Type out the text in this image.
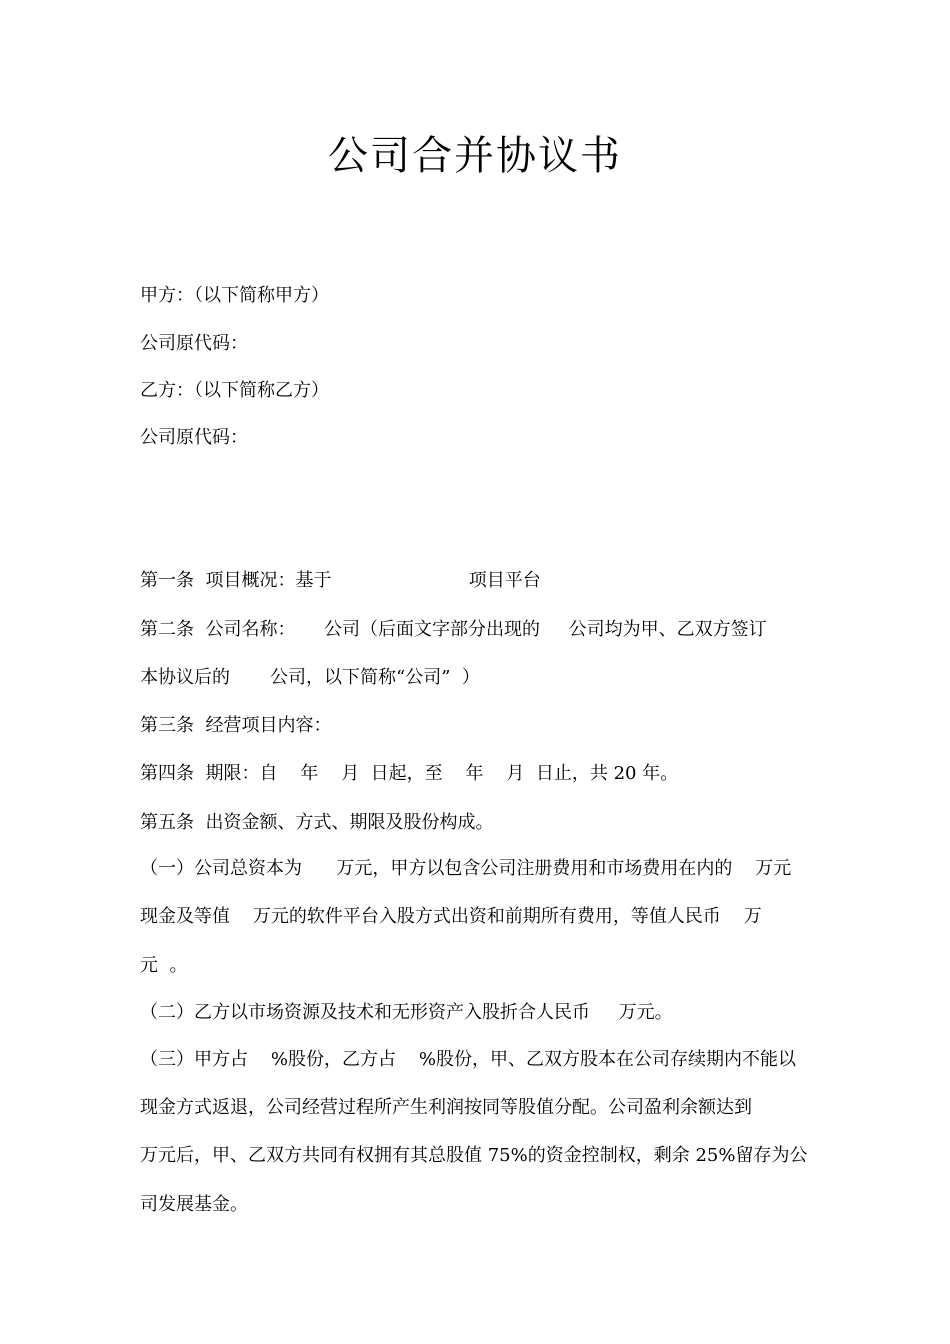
公司合并协议书
甲方：（以下简称甲方）
公司原代码：
乙方：（以下简称乙方）
公司原代码：
第一条  项目概况：基于                        项目平台
第二条  公司名称：     公司（后面文字部分出现的     公司均为甲、乙双方签订
本协议后的       公司，以下简称“公司”  ）
第三条  经营项目内容：
第四条  期限：自    年    月  日起，至    年    月  日止，共 20 年。
第五条  出资金额、方式、期限及股份构成。
（一）公司总资本为      万元，甲方以包含公司注册费用和市场费用在内的    万元
现金及等值    万元的软件平台入股方式出资和前期所有费用，等值人民币    万
元  。
（二）乙方以市场资源及技术和无形资产入股折合人民币     万元。
（三）甲方占    %股份，乙方占    %股份，甲、乙双方股本在公司存续期内不能以
现金方式返退，公司经营过程所产生利润按同等股值分配。公司盈利余额达到
万元后，甲、乙双方共同有权拥有其总股值 75%的资金控制权，剩余 25%留存为公
司发展基金。
